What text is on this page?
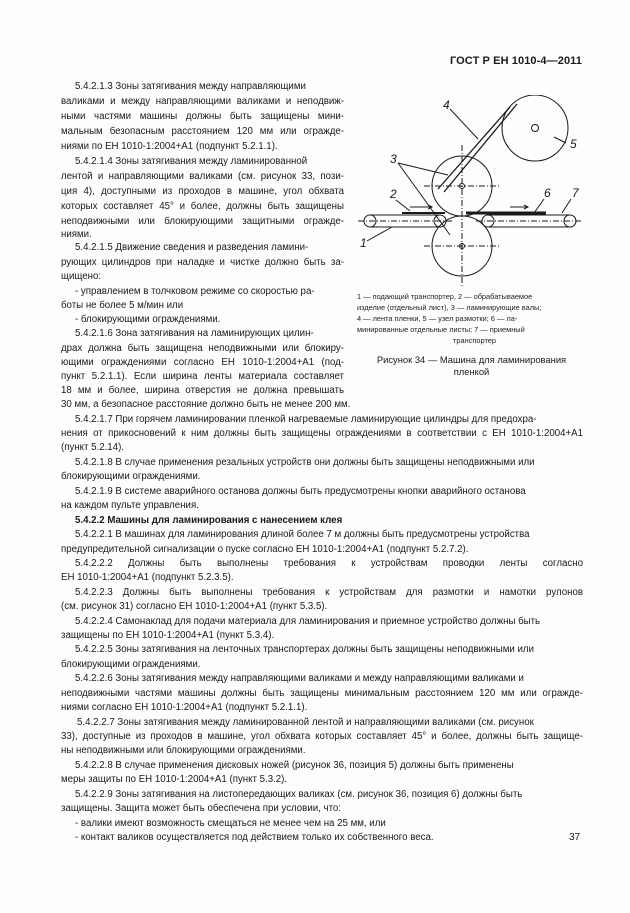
ГОСТ Р ЕН 1010-4—2011
5.4.2.1.3 Зоны затягивания между направляющими
валиками и между направляющими валиками и неподвиж-
ными частями машины должны быть защищены мини-
мальным безопасным расстоянием 120 мм или огражде-
ниями по ЕН 1010-1:2004+А1 (подпункт 5.2.1.1).
5.4.2.1.4 Зоны затягивания между ламинированной
лентой и направляющими валиками (см. рисунок 33, пози-
ция 4), доступными из проходов в машине, угол обхвата
которых составляет 45° и более, должны быть защищены
неподвижными или блокирующими защитными огражде-
ниями.
5.4.2.1.5 Движение сведения и разведения ламини-
рующих цилиндров при наладке и чистке должно быть за-
щищено:
- управлением в толчковом режиме со скоростью ра-
боты не более 5 м/мин или
- блокирующими ограждениями.
5.4.2.1.6 Зона затягивания на ламинирующих цилин-
драх должна быть защищена неподвижными или блокиру-
ющими ограждениями согласно ЕН 1010-1:2004+А1 (под-
пункт 5.2.1.1). Если ширина ленты материала составляет
18 мм и более, ширина отверстия не должна превышать
30 мм, а безопасное расстояние должно быть не менее 200 мм.
5.4.2.1.7 При горячем ламинировании пленкой нагреваемые ламинирующие цилиндры для предохра-
нения от прикосновений к ним должны быть защищены ограждениями в соответствии с ЕН 1010-1:2004+А1
(пункт 5.2.14).
5.4.2.1.8 В случае применения резальных устройств они должны быть защищены неподвижными или
блокирующими ограждениями.
5.4.2.1.9 В системе аварийного останова должны быть предусмотрены кнопки аварийного останова
на каждом пульте управления.
5.4.2.2 Машины для ламинирования с нанесением клея
5.4.2.2.1 В машинах для ламинирования длиной более 7 м должны быть предусмотрены устройства
предупредительной сигнализации о пуске согласно ЕН 1010-1:2004+А1 (подпункт 5.2.7.2).
5.4.2.2.2 Должны быть выполнены требования к устройствам проводки ленты согласно
ЕН 1010-1:2004+А1 (подпункт 5.2.3.5).
5.4.2.2.3 Должны быть выполнены требования к устройствам для размотки и намотки рулонов
(см. рисунок 31) согласно ЕН 1010-1:2004+А1 (пункт 5.3.5).
5.4.2.2.4 Самонаклад для подачи материала для ламинирования и приемное устройство должны быть
защищены по ЕН 1010-1:2004+А1 (пункт 5.3.4).
5.4.2.2.5 Зоны затягивания на ленточных транспортерах должны быть защищены неподвижными или
блокирующими ограждениями.
5.4.2.2.6 Зоны затягивания между направляющими валиками и между направляющими валиками и
неподвижными частями машины должны быть защищены минимальным расстоянием 120 мм или огражде-
ниями согласно ЕН 1010-1:2004+А1 (подпункт 5.2.1.1).
5.4.2.2.7 Зоны затягивания между ламинированной лентой и направляющими валиками (см. рисунок
33), доступные из проходов в машине, угол обхвата которых составляет 45° и более, должны быть защище-
ны неподвижными или блокирующими ограждениями.
5.4.2.2.8 В случае применения дисковых ножей (рисунок 36, позиция 5) должны быть применены
меры защиты по ЕН 1010-1:2004+А1 (пункт 5.3.2).
5.4.2.2.9 Зоны затягивания на листопередающих валиках (см. рисунок 36, позиция 6) должны быть
защищены. Защита может быть обеспечена при условии, что:
- валики имеют возможность смещаться не менее чем на 25 мм, или
- контакт валиков осуществляется под действием только их собственного веса.
1
2
3
4
5
6 7
1 — подающий транспортер, 2 — обрабатываемое
изделие (отдельный лист), 3 — ламинирующие валы;
4 — лента пленки, 5 — узел размотки; 6 — ла-
минированные отдельные листы; 7 — приемный
транспортер
Рисунок 34 — Машина для ламинирования
пленкой
37
